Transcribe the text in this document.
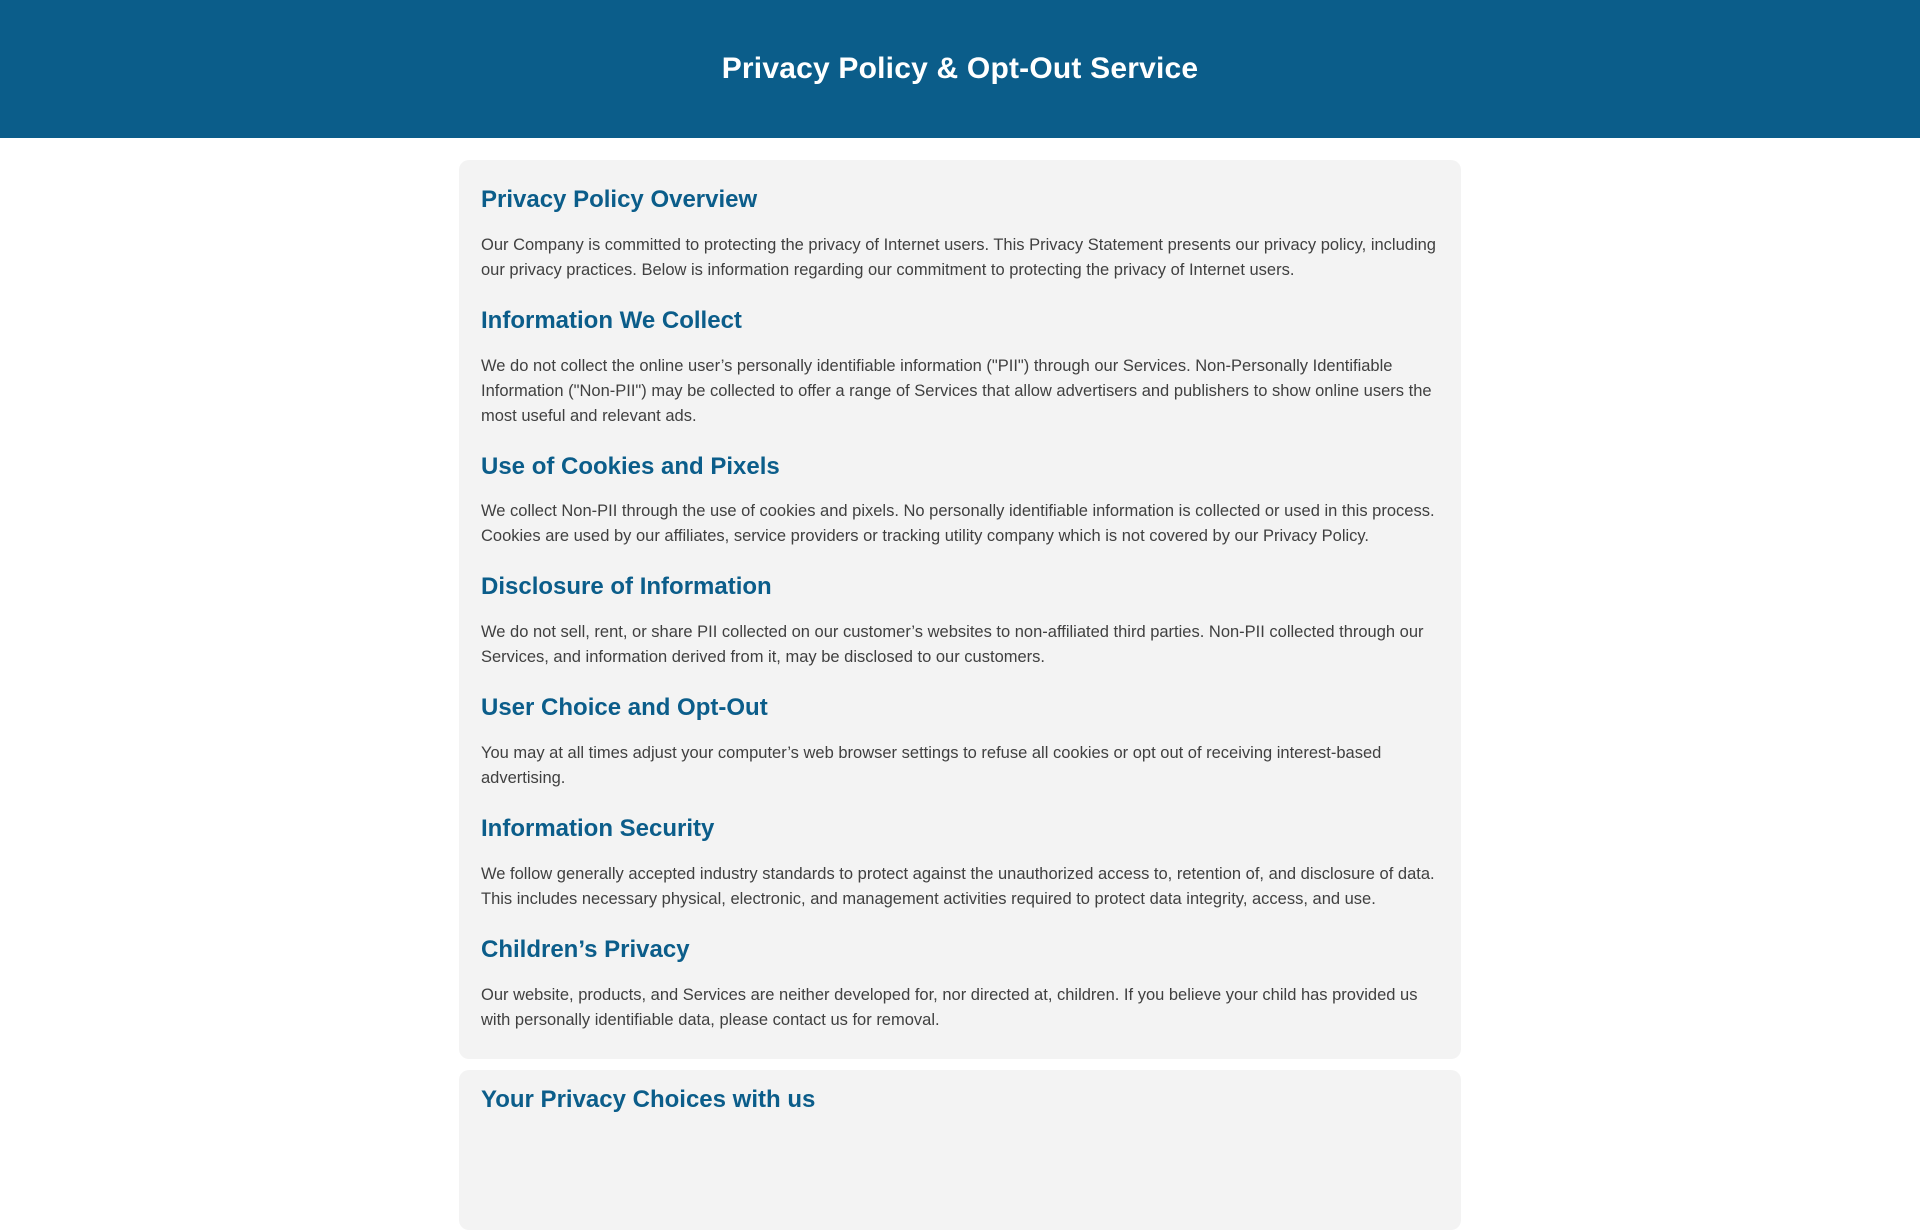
Privacy Policy & Opt-Out Service
Privacy Policy Overview

Our Company is committed to protecting the privacy of Internet users. This Privacy Statement presents our privacy policy, including our privacy practices. Below is information regarding our commitment to protecting the privacy of Internet users.

Information We Collect

We do not collect the online user’s personally identifiable information ("PII") through our Services. Non-Personally Identifiable Information ("Non-PII") may be collected to offer a range of Services that allow advertisers and publishers to show online users the most useful and relevant ads.

Use of Cookies and Pixels

We collect Non-PII through the use of cookies and pixels. No personally identifiable information is collected or used in this process. Cookies are used by our affiliates, service providers or tracking utility company which is not covered by our Privacy Policy.

Disclosure of Information

We do not sell, rent, or share PII collected on our customer’s websites to non-affiliated third parties. Non-PII collected through our Services, and information derived from it, may be disclosed to our customers.

User Choice and Opt-Out

You may at all times adjust your computer’s web browser settings to refuse all cookies or opt out of receiving interest-based advertising.

Information Security

We follow generally accepted industry standards to protect against the unauthorized access to, retention of, and disclosure of data. This includes necessary physical, electronic, and management activities required to protect data integrity, access, and use.

Children’s Privacy

Our website, products, and Services are neither developed for, nor directed at, children. If you believe your child has provided us with personally identifiable data, please contact us for removal.

Your Privacy Choices with us
